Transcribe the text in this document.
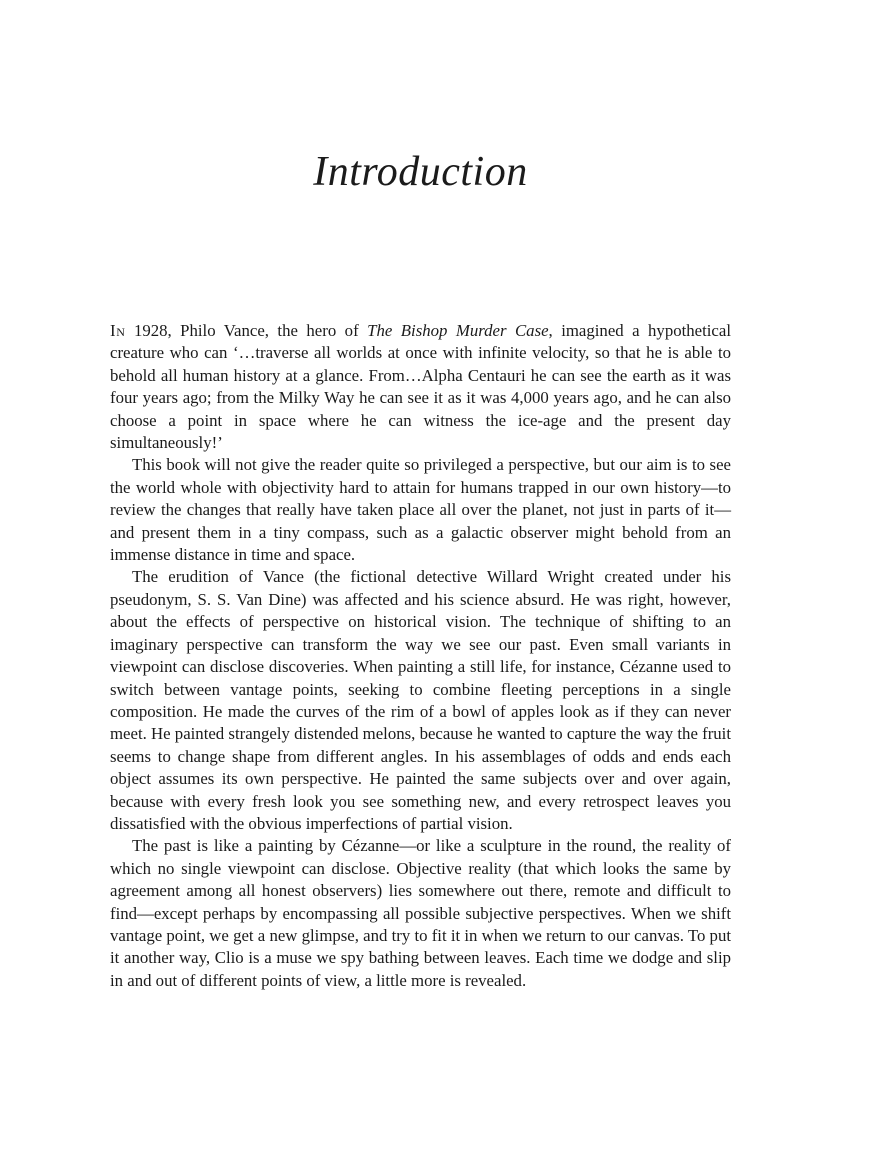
Introduction

In 1928, Philo Vance, the hero of The Bishop Murder Case, imagined a hypothetical creature who can ‘…traverse all worlds at once with infinite velocity, so that he is able to behold all human history at a glance. From…Alpha Centauri he can see the earth as it was four years ago; from the Milky Way he can see it as it was 4,000 years ago, and he can also choose a point in space where he can witness the ice-age and the present day simultaneously!’

This book will not give the reader quite so privileged a perspective, but our aim is to see the world whole with objectivity hard to attain for humans trapped in our own history—to review the changes that really have taken place all over the planet, not just in parts of it—and present them in a tiny compass, such as a galactic observer might behold from an immense distance in time and space.

The erudition of Vance (the fictional detective Willard Wright created under his pseudonym, S. S. Van Dine) was affected and his science absurd. He was right, however, about the effects of perspective on historical vision. The technique of shifting to an imaginary perspective can transform the way we see our past. Even small variants in viewpoint can disclose discoveries. When painting a still life, for instance, Cézanne used to switch between vantage points, seeking to combine fleeting perceptions in a single composition. He made the curves of the rim of a bowl of apples look as if they can never meet. He painted strangely distended melons, because he wanted to capture the way the fruit seems to change shape from different angles. In his assemblages of odds and ends each object assumes its own perspective. He painted the same subjects over and over again, because with every fresh look you see something new, and every retrospect leaves you dissatisfied with the obvious imperfections of partial vision.

The past is like a painting by Cézanne—or like a sculpture in the round, the reality of which no single viewpoint can disclose. Objective reality (that which looks the same by agreement among all honest observers) lies somewhere out there, remote and difficult to find—except perhaps by encompassing all possible subjective perspectives. When we shift vantage point, we get a new glimpse, and try to fit it in when we return to our canvas. To put it another way, Clio is a muse we spy bathing between leaves. Each time we dodge and slip in and out of different points of view, a little more is revealed.
